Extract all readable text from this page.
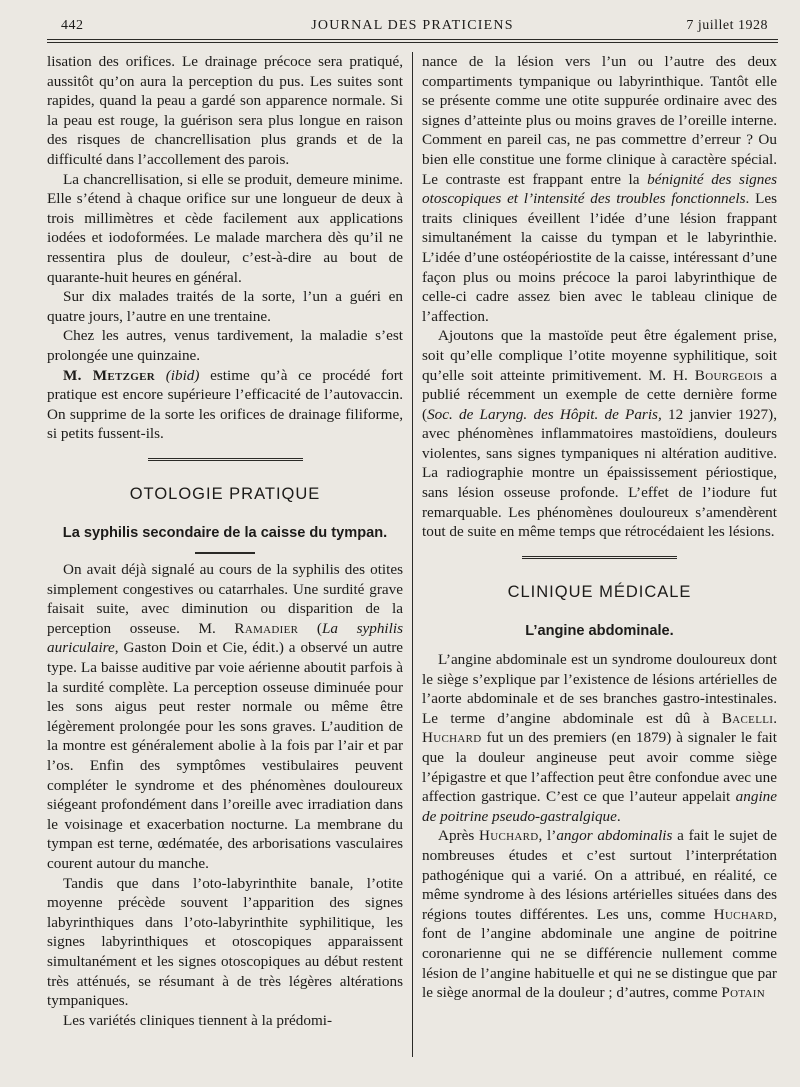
442	JOURNAL DES PRATICIENS	7 juillet 1928

lisation des orifices. Le drainage précoce sera pratiqué, aussitôt qu’on aura la perception du pus. Les suites sont rapides, quand la peau a gardé son apparence normale. Si la peau est rouge, la guérison sera plus longue en raison des risques de chancrellisation plus grands et de la difficulté dans l’accollement des parois.

La chancrellisation, si elle se produit, demeure minime. Elle s’étend à chaque orifice sur une longueur de deux à trois millimètres et cède facilement aux applications iodées et iodoformées. Le malade marchera dès qu’il ne ressentira plus de douleur, c’est-à-dire au bout de quarante-huit heures en général.

Sur dix malades traités de la sorte, l’un a guéri en quatre jours, l’autre en une trentaine.

Chez les autres, venus tardivement, la maladie s’est prolongée une quinzaine.

M. Metzger (ibid) estime qu’à ce procédé fort pratique est encore supérieure l’efficacité de l’autovaccin. On supprime de la sorte les orifices de drainage filiforme, si petits fussent-ils.

OTOLOGIE PRATIQUE
La syphilis secondaire de la caisse du tympan.

On avait déjà signalé au cours de la syphilis des otites simplement congestives ou catarrhales. Une surdité grave faisait suite, avec diminution ou disparition de la perception osseuse. M. Ramadier (La syphilis auriculaire, Gaston Doin et Cie, édit.) a observé un autre type. La baisse auditive par voie aérienne aboutit parfois à la surdité complète. La perception osseuse diminuée pour les sons aigus peut rester normale ou même être légèrement prolongée pour les sons graves. L’audition de la montre est généralement abolie à la fois par l’air et par l’os. Enfin des symptômes vestibulaires peuvent compléter le syndrome et des phénomènes douloureux siégeant profondément dans l’oreille avec irradiation dans le voisinage et exacerbation nocturne. La membrane du tympan est terne, œdématée, des arborisations vasculaires courent autour du manche.

Tandis que dans l’oto-labyrinthite banale, l’otite moyenne précède souvent l’apparition des signes labyrinthiques dans l’oto-labyrinthite syphilitique, les signes labyrinthiques et otoscopiques apparaissent simultanément et les signes otoscopiques au début restent très atténués, se résumant à de très légères altérations tympaniques.

Les variétés cliniques tiennent à la prédomi-

nance de la lésion vers l’un ou l’autre des deux compartiments tympanique ou labyrinthique. Tantôt elle se présente comme une otite suppurée ordinaire avec des signes d’atteinte plus ou moins graves de l’oreille interne. Comment en pareil cas, ne pas commettre d’erreur ? Ou bien elle constitue une forme clinique à caractère spécial. Le contraste est frappant entre la bénignité des signes otoscopiques et l’intensité des troubles fonctionnels. Les traits cliniques éveillent l’idée d’une lésion frappant simultanément la caisse du tympan et le labyrinthie. L’idée d’une ostéopériostite de la caisse, intéressant d’une façon plus ou moins précoce la paroi labyrinthique de celle-ci cadre assez bien avec le tableau clinique de l’affection.

Ajoutons que la mastoïde peut être également prise, soit qu’elle complique l’otite moyenne syphilitique, soit qu’elle soit atteinte primitivement. M. H. Bourgeois a publié récemment un exemple de cette dernière forme (Soc. de Laryng. des Hôpit. de Paris, 12 janvier 1927), avec phénomènes inflammatoires mastoïdiens, douleurs violentes, sans signes tympaniques ni altération auditive. La radiographie montre un épaississement périostique, sans lésion osseuse profonde. L’effet de l’iodure fut remarquable. Les phénomènes douloureux s’amendèrent tout de suite en même temps que rétrocédaient les lésions.

CLINIQUE MÉDICALE
L’angine abdominale.

L’angine abdominale est un syndrome douloureux dont le siège s’explique par l’existence de lésions artérielles de l’aorte abdominale et de ses branches gastro-intestinales. Le terme d’angine abdominale est dû à Bacelli. Huchard fut un des premiers (en 1879) à signaler le fait que la douleur angineuse peut avoir comme siège l’épigastre et que l’affection peut être confondue avec une affection gastrique. C’est ce que l’auteur appelait angine de poitrine pseudo-gastralgique.

Après Huchard, l’angor abdominalis a fait le sujet de nombreuses études et c’est surtout l’interprétation pathogénique qui a varié. On a attribué, en réalité, ce même syndrome à des lésions artérielles situées dans des régions toutes différentes. Les uns, comme Huchard, font de l’angine abdominale une angine de poitrine coronarienne qui ne se différencie nullement comme lésion de l’angine habituelle et qui ne se distingue que par le siège anormal de la douleur ; d’autres, comme Potain
